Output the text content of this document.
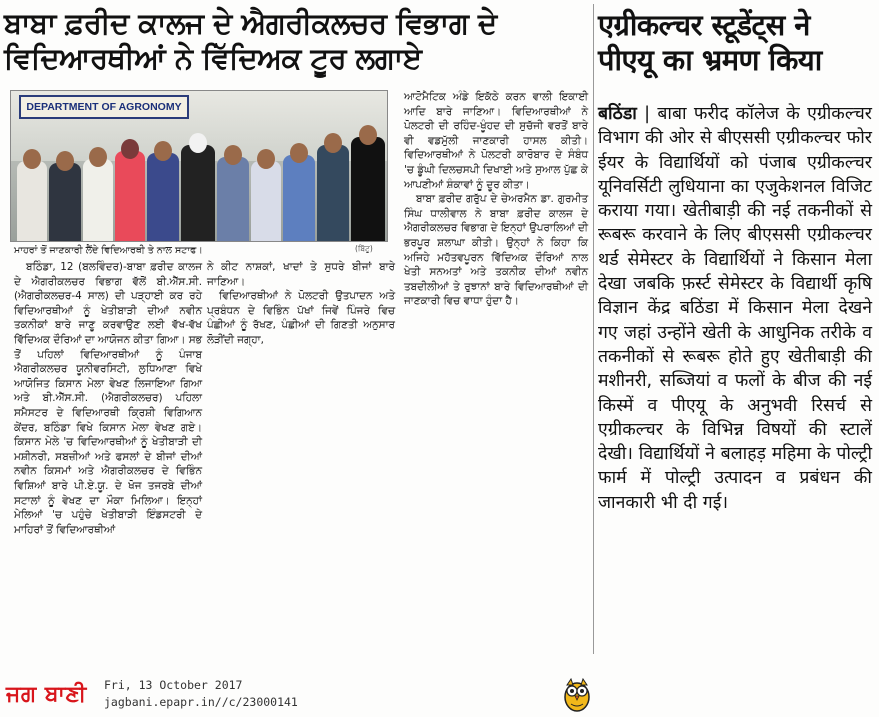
ਬਾਬਾ ਫ਼ਰੀਦ ਕਾਲਜ ਦੇ ਐਗਰੀਕਲਚਰ ਵਿਭਾਗ ਦੇ ਵਿਦਿਆਰਥੀਆਂ ਨੇ ਵਿੱਦਿਅਕ ਟੂਰ ਲਗਾਏ
DEPARTMENT OF AGRONOMY
ਮਾਹਰਾਂ ਤੋਂ ਜਾਣਕਾਰੀ ਲੈਂਦੇ ਵਿਦਿਆਰਥੀ ਤੇ ਨਾਲ ਸਟਾਫ।	(ਬਿੱਟੂ)

ਬਠਿੰਡਾ, 12 (ਬਲਵਿੰਦਰ)-ਬਾਬਾ ਫ਼ਰੀਦ ਕਾਲਜ ਦੇ ਐਗਰੀਕਲਚਰ ਵਿਭਾਗ ਵੱਲੋਂ ਬੀ.ਐੱਸ.ਸੀ. (ਐਗਰੀਕਲਚਰ-4 ਸਾਲ) ਦੀ ਪੜ੍ਹਾਈ ਕਰ ਰਹੇ ਵਿਦਿਆਰਥੀਆਂ ਨੂੰ ਖੇਤੀਬਾੜੀ ਦੀਆਂ ਨਵੀਨ ਤਕਨੀਕਾਂ ਬਾਰੇ ਜਾਣੂ ਕਰਵਾਉਣ ਲਈ ਵੱਖ-ਵੱਖ ਵਿੱਦਿਅਕ ਦੌਰਿਆਂ ਦਾ ਆਯੋਜਨ ਕੀਤਾ ਗਿਆ। ਸਭ ਤੋਂ ਪਹਿਲਾਂ ਵਿਦਿਆਰਥੀਆਂ ਨੂੰ ਪੰਜਾਬ ਐਗਰੀਕਲਚਰ ਯੂਨੀਵਰਸਿਟੀ, ਲੁਧਿਆਣਾ ਵਿਖੇ ਆਯੋਜਿਤ ਕਿਸਾਨ ਮੇਲਾ ਵੇਖਣ ਲਿਜਾਇਆ ਗਿਆ ਅਤੇ ਬੀ.ਐੱਸ.ਸੀ. (ਐਗਰੀਕਲਚਰ) ਪਹਿਲਾ ਸਮੈਸਟਰ ਦੇ ਵਿਦਿਆਰਥੀ ਕ੍ਰਿਸ਼ੀ ਵਿਗਿਆਨ ਕੇਂਦਰ, ਬਠਿੰਡਾ ਵਿਖੇ ਕਿਸਾਨ ਮੇਲਾ ਵੇਖਣ ਗਏ। ਕਿਸਾਨ ਮੇਲੇ 'ਚ ਵਿਦਿਆਰਥੀਆਂ ਨੂੰ ਖੇਤੀਬਾੜੀ ਦੀ ਮਸ਼ੀਨਰੀ, ਸਬਜ਼ੀਆਂ ਅਤੇ ਫਸਲਾਂ ਦੇ ਬੀਜਾਂ ਦੀਆਂ ਨਵੀਨ ਕਿਸਮਾਂ ਅਤੇ ਐਗਰੀਕਲਚਰ ਦੇ ਵਿਭਿੰਨ ਵਿਸ਼ਿਆਂ ਬਾਰੇ ਪੀ.ਏ.ਯੂ. ਦੇ ਖੋਜ ਤਜਰਬੇ ਦੀਆਂ ਸਟਾਲਾਂ ਨੂੰ ਵੇਖਣ ਦਾ ਮੌਕਾ ਮਿਲਿਆ। ਇਨ੍ਹਾਂ ਮੇਲਿਆਂ 'ਚ ਪਹੁੰਚੇ ਖੇਤੀਬਾੜੀ ਇੰਡਸਟਰੀ ਦੇ ਮਾਹਿਰਾਂ ਤੋਂ ਵਿਦਿਆਰਥੀਆਂ

ਨੇ ਕੀਟ ਨਾਸ਼ਕਾਂ, ਖਾਦਾਂ ਤੇ ਸੁਧਰੇ ਬੀਜਾਂ ਬਾਰੇ ਜਾਣਿਆ।

ਵਿਦਿਆਰਥੀਆਂ ਨੇ ਪੋਲਟਰੀ ਉਤਪਾਦਨ ਅਤੇ ਪ੍ਰਬੰਧਨ ਦੇ ਵਿਭਿੰਨ ਪੱਖਾਂ ਜਿਵੇਂ ਪਿੰਜਰੇ ਵਿਚ ਪੰਛੀਆਂ ਨੂੰ ਰੱਖਣ, ਪੰਛੀਆਂ ਦੀ ਗਿਣਤੀ ਅਨੁਸਾਰ ਲੋੜੀਂਦੀ ਜਗ੍ਹਾ,

ਆਟੋਮੈਟਿਕ ਅੰਡੇ ਇਕੱਠੇ ਕਰਨ ਵਾਲੀ ਇਕਾਈ ਆਦਿ ਬਾਰੇ ਜਾਣਿਆ। ਵਿਦਿਆਰਥੀਆਂ ਨੇ ਪੋਲਟਰੀ ਦੀ ਰਹਿੰਦ-ਖੂੰਹਦ ਦੀ ਸੁਚੱਜੀ ਵਰਤੋਂ ਬਾਰੇ ਵੀ ਵਡਮੁੱਲੀ ਜਾਣਕਾਰੀ ਹਾਸਲ ਕੀਤੀ। ਵਿਦਿਆਰਥੀਆਂ ਨੇ ਪੋਲਟਰੀ ਕਾਰੋਬਾਰ ਦੇ ਸੰਬੰਧ 'ਚ ਡੂੰਘੀ ਦਿਲਚਸਪੀ ਦਿਖਾਈ ਅਤੇ ਸੁਆਲ ਪੁੱਛ ਕੇ ਆਪਣੀਆਂ ਸ਼ੰਕਾਵਾਂ ਨੂੰ ਦੂਰ ਕੀਤਾ।

ਬਾਬਾ ਫ਼ਰੀਦ ਗਰੁੱਪ ਦੇ ਚੇਅਰਮੈਨ ਡਾ. ਗੁਰਮੀਤ ਸਿੰਘ ਧਾਲੀਵਾਲ ਨੇ ਬਾਬਾ ਫ਼ਰੀਦ ਕਾਲਜ ਦੇ ਐਗਰੀਕਲਚਰ ਵਿਭਾਗ ਦੇ ਇਨ੍ਹਾਂ ਉਪਰਾਲਿਆਂ ਦੀ ਭਰਪੂਰ ਸ਼ਲਾਘਾ ਕੀਤੀ। ਉਨ੍ਹਾਂ ਨੇ ਕਿਹਾ ਕਿ ਅਜਿਹੇ ਮਹੱਤਵਪੂਰਨ ਵਿੱਦਿਅਕ ਦੌਰਿਆਂ ਨਾਲ ਖੇਤੀ ਸਨਅਤਾਂ ਅਤੇ ਤਕਨੀਕ ਦੀਆਂ ਨਵੀਨ ਤਬਦੀਲੀਆਂ ਤੇ ਰੁਝਾਨਾਂ ਬਾਰੇ ਵਿਦਿਆਰਥੀਆਂ ਦੀ ਜਾਣਕਾਰੀ ਵਿਚ ਵਾਧਾ ਹੁੰਦਾ ਹੈ।

एग्रीकल्चर स्टूडेंट्स ने पीएयू का भ्रमण किया
बठिंडा | बाबा फरीद कॉलेज के एग्रीकल्चर विभाग की ओर से बीएससी एग्रीकल्चर फोर ईयर के विद्यार्थियों को पंजाब एग्रीकल्चर यूनिवर्सिटी लुधियाना का एजुकेशनल विजिट कराया गया। खेतीबाड़ी की नई तकनीकों से रूबरू करवाने के लिए बीएससी एग्रीकल्चर थर्ड सेमेस्टर के विद्यार्थियों ने किसान मेला देखा जबकि फ़र्स्ट सेमेस्टर के विद्यार्थी कृषि विज्ञान केंद्र बठिंडा में किसान मेला देखने गए जहां उन्होंने खेती के आधुनिक तरीके व तकनीकों से रूबरू होते हुए खेतीबाड़ी की मशीनरी, सब्जियां व फलों के बीज की नई किस्में व पीएयू के अनुभवी रिसर्च से एग्रीकल्चर के विभिन्न विषयों की स्टालें देखी। विद्यार्थियों ने बलाहड़ महिमा के पोल्ट्री फार्म में पोल्ट्री उत्पादन व प्रबंधन की जानकारी भी दी गई।
ਜਗ ਬਾਣੀ Fri, 13 October 2017
jagbani.epapr.in//c/23000141
